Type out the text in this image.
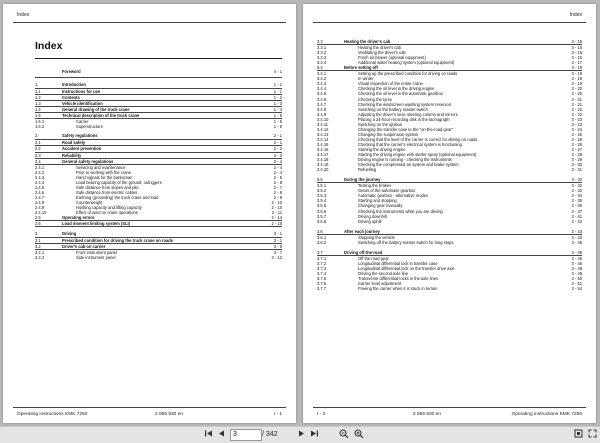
Index
Index
Foreword	ii - 1
1.	Introduction	1 - 1
1.1	Instructions for use	1 - 1
1.2	Contents	1 - 2
1.3	Vehicle identification	1 - 3
1.4	General drawing of the truck crane	1 - 4
1.5	Technical description of the truck crane	1 - 5
1.5.1	Carrier	1 - 5
1.5.2	Superstructure	1 - 9
2.	Safety regulations	2 - 1
2.1	Road safety	2 - 1
2.2	Accident prevention	2 - 2
2.3	Reliability	2 - 3
2.4	General safety regulations	2 - 4
2.4.1	Servicing and maintenance	2 - 4
2.4.2	Prior to working with the crane	2 - 4
2.4.3	Hand signals for the banksman	2 - 5
2.4.4	Load bearing capacity of the ground; outriggers	2 - 8
2.4.5	Safe distance from slopes and pits	2 - 7
2.4.6	Safe distance from electric cables	2 - 8
2.4.7	Earthing (grounding) the truck crane and load	2 - 9
2.4.8	Counterweight	2 - 10
2.4.9	Hoisting capacity and lifting capacity	2 - 10
2.4.10	Effect of wind on crane operations	2 - 11
2.5	Operating errors	2 - 14
2.6	Load moment limiting system (SLI)	2 - 15
3.	Driving	3 - 1
3.1	Prescribed condition for driving the truck crane on roads	3 - 1
3.2	Driver's cab on carrier	3 - 5
3.2.1	Front instrument panel	3 - 7
3.2.2	Side instrument panel	3 - 12
Operating instructions KMK 7250	2 065 930 en	I - 1
Index
3.3	Heating the driver's cab	3 - 15
3.3.1	Heating the driver's cab	3 - 15
3.3.2	Ventilating the driver's cab	3 - 16
3.3.3	Fresh air blower (optional equipment)	3 - 16
3.3.4	Additional water heating system (optional equipment)	3 - 17
3.4	Before setting off	3 - 19
3.4.1	Setting up the prescribed condition for driving on roads	3 - 19
3.4.2	In winter	3 - 19
3.4.3	Visual inspection of the entire crane	3 - 19
3.4.4	Checking the oil level in the driving engine	3 - 20
3.4.5	Checking the oil level in the automatic gearbox	3 - 20
3.4.6	Checking the tyres	3 - 21
3.4.7	Checking the windscreen washing system reservoir	3 - 21
3.4.8	Switching on the battery master switch	3 - 22
3.4.9	Adjusting the driver's seat, steering column and mirrors	3 - 22
3.4.10	Placing a 24-hour recording disk in the tachograph	3 - 23
3.4.11	Switching on the ignition	3 - 23
3.4.12	Changing the transfer case to the "on-the-road gear"	3 - 24
3.4.13	Changing the suspension system	3 - 25
3.4.14	Checking that the level of the carrier is correct for driving on roads	3 - 26
3.4.15	Checking that the carrier's electrical system is functioning	3 - 26
3.4.16	Starting the driving engine	3 - 27
3.4.17	Starting the driving engine with starter spray (optional equipment)	3 - 28
3.4.18	Driving engine is running - checking the instruments	3 - 29
3.4.19	Checking the compressed air system and brake system	3 - 30
3.4.20	Refuelling	3 - 31
3.5	During the journey	3 - 32
3.5.1	Testing the brakes	3 - 32
3.5.2	Gears of the automatic gearbox	3 - 32
3.5.3	Automatic gearbox - alternative modes	3 - 34
3.5.4	Starting and stopping	3 - 35
3.5.5	Changing gear manually	3 - 36
3.5.6	Checking the instruments while you are driving	3 - 37
3.5.7	Driving downhill	3 - 41
3.5.8	Driving uphill	3 - 42
3.6	After each journey	3 - 43
3.6.1	Stopping the vehicle	3 - 43
3.6.2	Switching off the battery master switch for long stops	3 - 45
3.7	Driving off-the-road	3 - 46
3.7.1	Off the road gear	3 - 46
3.7.2	Longitudinal differential lock in transfer case	3 - 46
3.7.3	Longitudinal differential lock on the transfer drive axle	3 - 48
3.7.4	Driving the second axle line	3 - 49
3.7.5	Transverse differential locks in the axle lines	3 - 50
3.7.6	Carrier level adjustment	3 - 51
3.7.7	Freeing the carrier when it is stuck in terrain	3 - 54
I - 2	2 065 930 en	Operating instructions KMK 7250
3	/ 342
